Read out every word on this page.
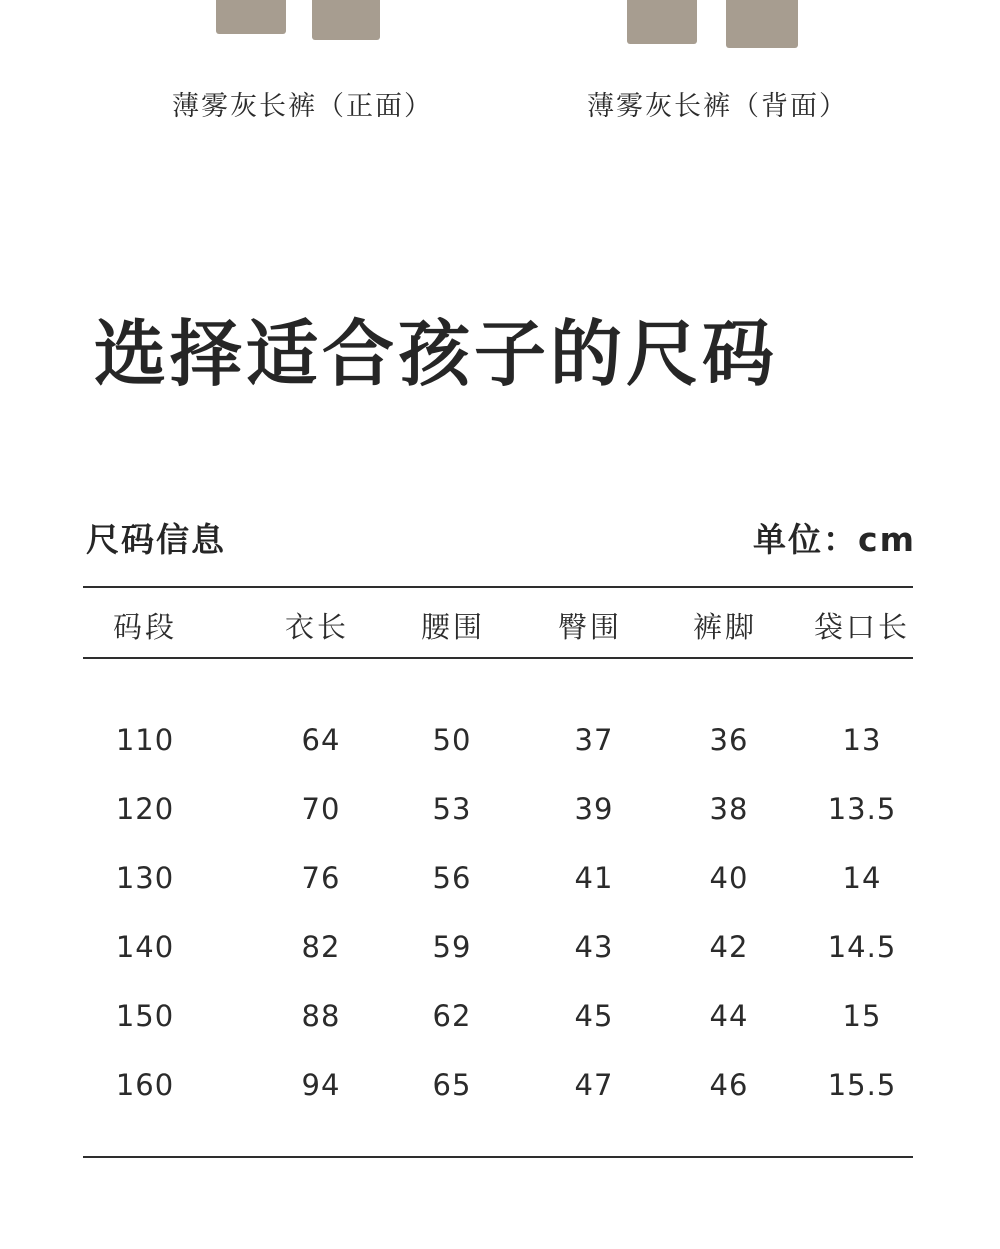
薄雾灰长裤（正面）	薄雾灰长裤（背面）
选择适合孩子的尺码
尺码信息	单位：cm
码段	衣长	腰围	臀围	裤脚	袋口长
110	64	50	37	36	13
120	70	53	39	38	13.5
130	76	56	41	40	14
140	82	59	43	42	14.5
150	88	62	45	44	15
160	94	65	47	46	15.5
